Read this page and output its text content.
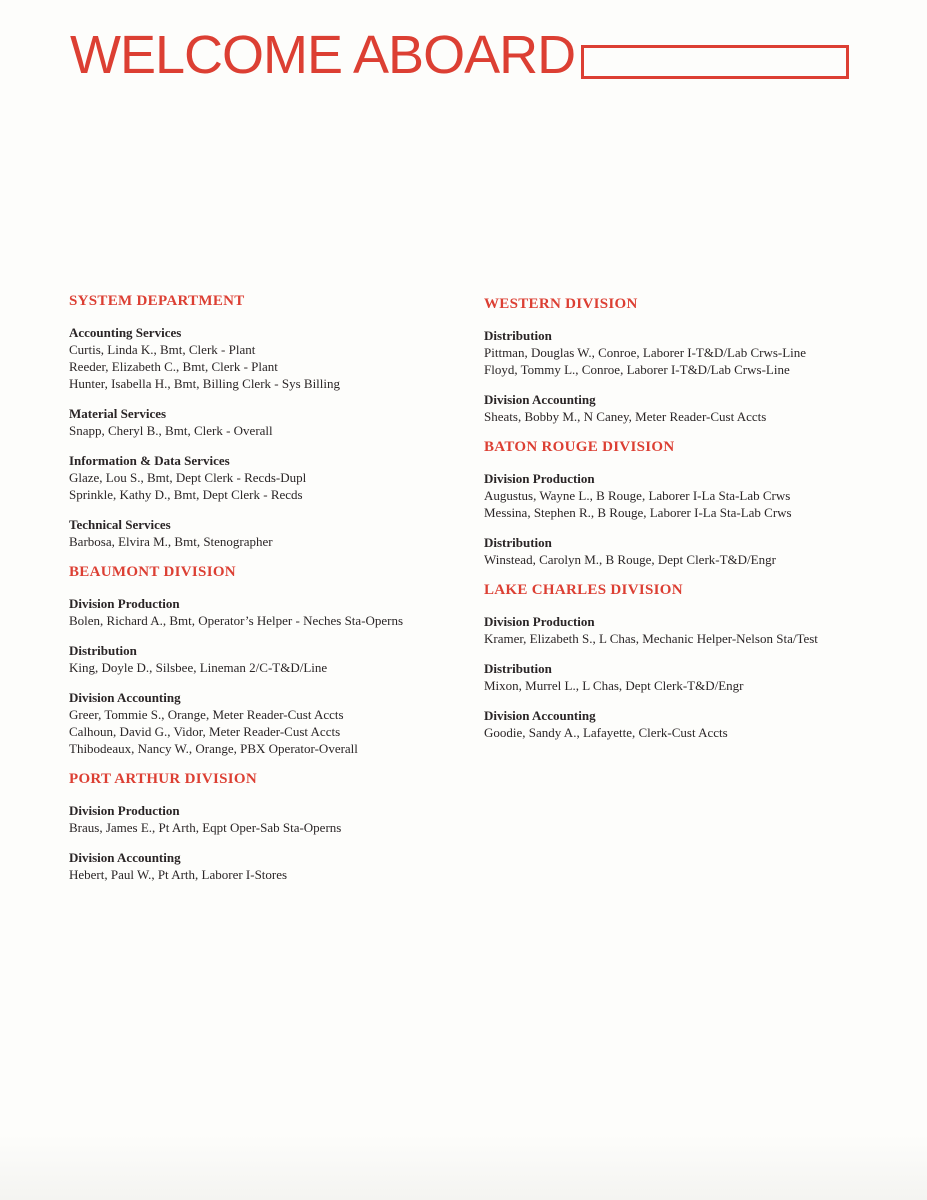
WELCOME ABOARD
SYSTEM DEPARTMENT
Accounting Services
Curtis, Linda K., Bmt, Clerk - Plant
Reeder, Elizabeth C., Bmt, Clerk - Plant
Hunter, Isabella H., Bmt, Billing Clerk - Sys Billing
Material Services
Snapp, Cheryl B., Bmt, Clerk - Overall
Information & Data Services
Glaze, Lou S., Bmt, Dept Clerk - Recds-Dupl
Sprinkle, Kathy D., Bmt, Dept Clerk - Recds
Technical Services
Barbosa, Elvira M., Bmt, Stenographer
BEAUMONT DIVISION
Division Production
Bolen, Richard A., Bmt, Operator’s Helper - Neches Sta-Operns
Distribution
King, Doyle D., Silsbee, Lineman 2/C-T&D/Line
Division Accounting
Greer, Tommie S., Orange, Meter Reader-Cust Accts
Calhoun, David G., Vidor, Meter Reader-Cust Accts
Thibodeaux, Nancy W., Orange, PBX Operator-Overall
PORT ARTHUR DIVISION
Division Production
Braus, James E., Pt Arth, Eqpt Oper-Sab Sta-Operns
Division Accounting
Hebert, Paul W., Pt Arth, Laborer I-Stores
WESTERN DIVISION
Distribution
Pittman, Douglas W., Conroe, Laborer I-T&D/Lab Crws-Line
Floyd, Tommy L., Conroe, Laborer I-T&D/Lab Crws-Line
Division Accounting
Sheats, Bobby M., N Caney, Meter Reader-Cust Accts
BATON ROUGE DIVISION
Division Production
Augustus, Wayne L., B Rouge, Laborer I-La Sta-Lab Crws
Messina, Stephen R., B Rouge, Laborer I-La Sta-Lab Crws
Distribution
Winstead, Carolyn M., B Rouge, Dept Clerk-T&D/Engr
LAKE CHARLES DIVISION
Division Production
Kramer, Elizabeth S., L Chas, Mechanic Helper-Nelson Sta/Test
Distribution
Mixon, Murrel L., L Chas, Dept Clerk-T&D/Engr
Division Accounting
Goodie, Sandy A., Lafayette, Clerk-Cust Accts
